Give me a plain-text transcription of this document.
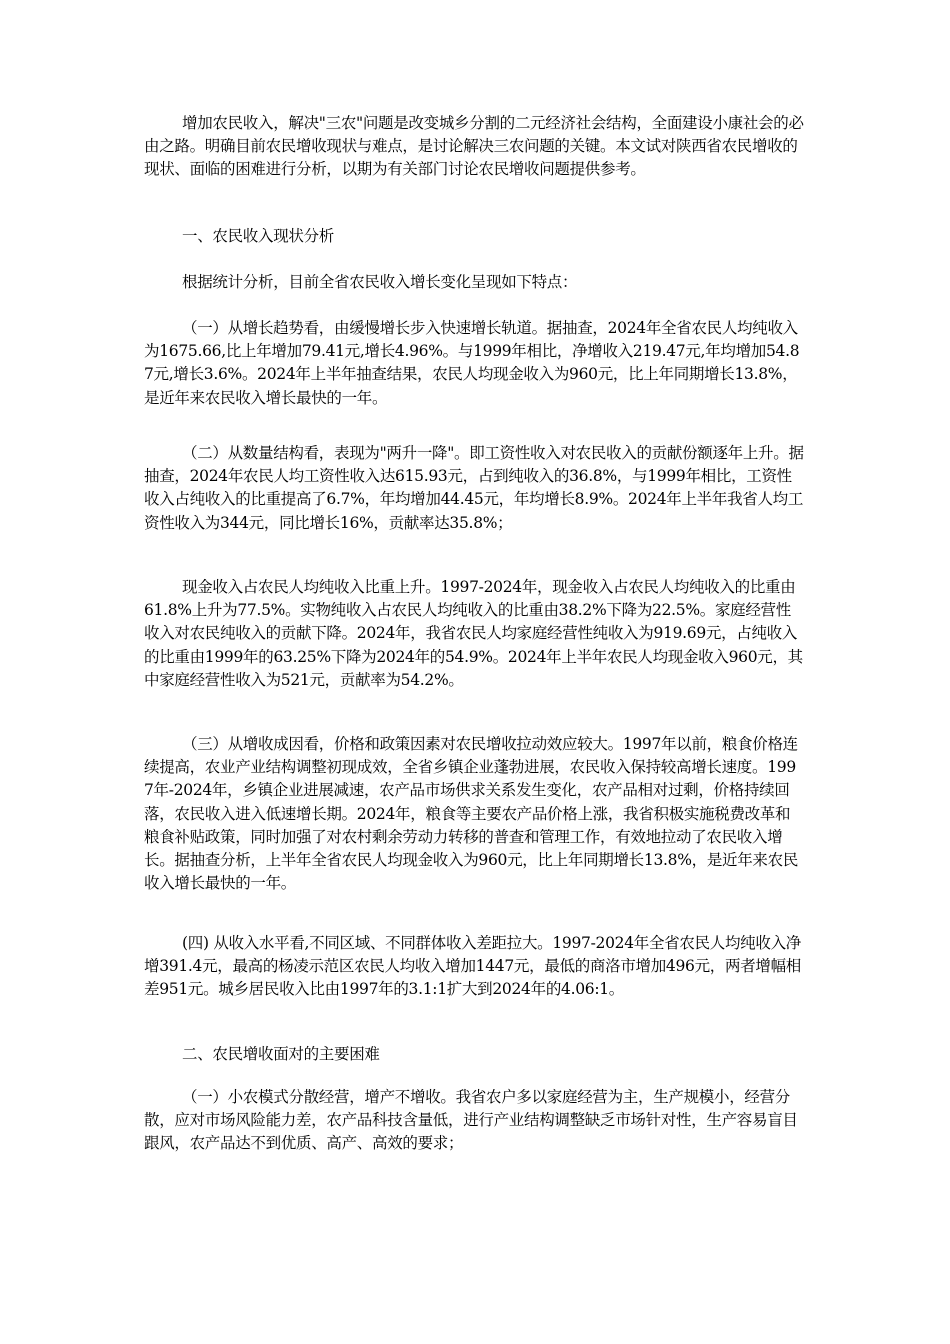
增加农民收入，解决"三农"问题是改变城乡分割的二元经济社会结构，全面建设小康社会的必由之路。明确目前农民增收现状与难点，是讨论解决三农问题的关键。本文试对陕西省农民增收的现状、面临的困难进行分析，以期为有关部门讨论农民增收问题提供参考。

一、农民收入现状分析

根据统计分析，目前全省农民收入增长变化呈现如下特点：

（一）从增长趋势看，由缓慢增长步入快速增长轨道。据抽查，2024年全省农民人均纯收入为1675.66,比上年增加79.41元,增长4.96%。与1999年相比，净增收入219.47元,年均增加54.87元,增长3.6%。2024年上半年抽查结果，农民人均现金收入为960元，比上年同期增长13.8%，是近年来农民收入增长最快的一年。

（二）从数量结构看，表现为"两升一降"。即工资性收入对农民收入的贡献份额逐年上升。据抽查，2024年农民人均工资性收入达615.93元，占到纯收入的36.8%，与1999年相比，工资性收入占纯收入的比重提高了6.7%，年均增加44.45元，年均增长8.9%。2024年上半年我省人均工资性收入为344元，同比增长16%，贡献率达35.8%；

现金收入占农民人均纯收入比重上升。1997-2024年，现金收入占农民人均纯收入的比重由61.8%上升为77.5%。实物纯收入占农民人均纯收入的比重由38.2%下降为22.5%。家庭经营性收入对农民纯收入的贡献下降。2024年，我省农民人均家庭经营性纯收入为919.69元，占纯收入的比重由1999年的63.25%下降为2024年的54.9%。2024年上半年农民人均现金收入960元，其中家庭经营性收入为521元，贡献率为54.2%。

（三）从增收成因看，价格和政策因素对农民增收拉动效应较大。1997年以前，粮食价格连续提高，农业产业结构调整初现成效，全省乡镇企业蓬勃进展，农民收入保持较高增长速度。1997年-2024年，乡镇企业进展减速，农产品市场供求关系发生变化，农产品相对过剩，价格持续回落，农民收入进入低速增长期。2024年，粮食等主要农产品价格上涨，我省积极实施税费改革和粮食补贴政策，同时加强了对农村剩余劳动力转移的普查和管理工作，有效地拉动了农民收入增长。据抽查分析，上半年全省农民人均现金收入为960元，比上年同期增长13.8%，是近年来农民收入增长最快的一年。

(四) 从收入水平看,不同区域、不同群体收入差距拉大。1997-2024年全省农民人均纯收入净增391.4元，最高的杨凌示范区农民人均收入增加1447元，最低的商洛市增加496元，两者增幅相差951元。城乡居民收入比由1997年的3.1:1扩大到2024年的4.06:1。

二、农民增收面对的主要困难

（一）小农模式分散经营，增产不增收。我省农户多以家庭经营为主，生产规模小，经营分散，应对市场风险能力差，农产品科技含量低，进行产业结构调整缺乏市场针对性，生产容易盲目跟风，农产品达不到优质、高产、高效的要求；
